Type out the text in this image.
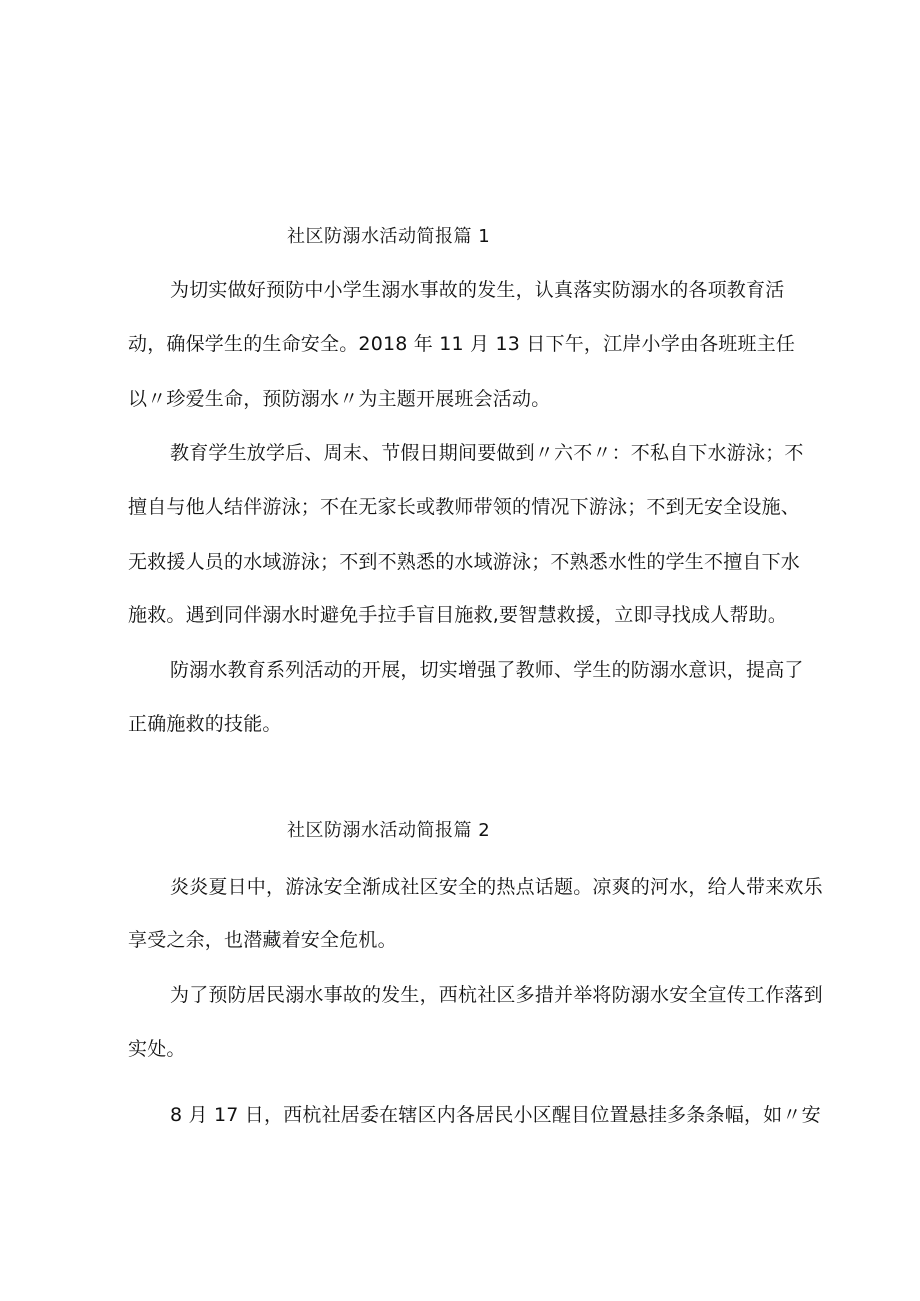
社区防溺水活动简报篇 1
为切实做好预防中小学生溺水事故的发生，认真落实防溺水的各项教育活
动，确保学生的生命安全。2018 年 11 月 13 日下午，江岸小学由各班班主任
以〃珍爱生命，预防溺水〃为主题开展班会活动。
教育学生放学后、周末、节假日期间要做到〃六不〃：不私自下水游泳；不
擅自与他人结伴游泳；不在无家长或教师带领的情况下游泳；不到无安全设施、
无救援人员的水域游泳；不到不熟悉的水域游泳；不熟悉水性的学生不擅自下水
施救。遇到同伴溺水时避免手拉手盲目施救,要智慧救援，立即寻找成人帮助。
防溺水教育系列活动的开展，切实增强了教师、学生的防溺水意识，提高了
正确施救的技能。
社区防溺水活动简报篇 2
炎炎夏日中，游泳安全渐成社区安全的热点话题。凉爽的河水，给人带来欢乐
享受之余，也潜藏着安全危机。
为了预防居民溺水事故的发生，西杭社区多措并举将防溺水安全宣传工作落到
实处。
8 月 17 日，西杭社居委在辖区内各居民小区醒目位置悬挂多条条幅，如〃安
